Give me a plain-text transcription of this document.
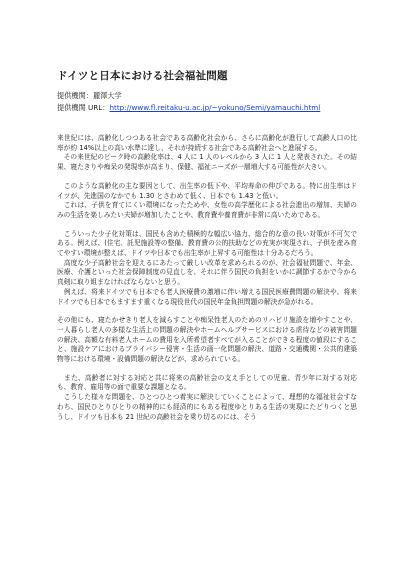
ドイツと日本における社会福祉問題
提供機関：麗澤大学
提供機関 URL：http://www.fl.reitaku-u.ac.jp/~yokuno/Semi/yamauchi.html

来世紀には、高齢化しつつある社会である高齢化社会から、さらに高齢化が進行して高齢人口の比率が約 14%以上の高い水準に達し、それが持続する社会である高齢社会へと進展する。

　その来世紀のピーク時の高齢化率は、4 人に 1 人のレベルから 3 人に 1 人と発表された。その結果、寝たきりや痴呆の発現率が高まり、保健、福祉ニーズが一層増大する可能性が大きい。

　このような高齢化の主な要因として、出生率の低下や、平均寿命の伸びである。特に出生率はドイツが、先進国のなかでも 1.30 とさわめて低く、日本でも 1.43 と低い。

　これは、子供を育てにくい環境になったためや、女性の高学歴化による社会進出の増加、夫婦のみの生活を楽しみたい夫婦が増加したことや、教育費や養育費が非常に高いためである。

　こういった少子化対策は、国民も含めた積極的な幅広い協力、総合的な意の長い対策が不可欠である。例えば、(住宅、託児施設等の整備、教育費の公的扶助などの充実が実現され、子供を産み育てやすい環境が整えば、ドイツや日本でも出生率が上昇する可能性は十分あるだろう。

　高度な少子高齢社会を迎えるにあたって厳しい改革を求められるのが、社会福祉問題で、年金、医療、介護といった社会保障制度の見直しを、それに伴う国民の負担をいかに調節するかで今から真剣に取り組まなければならないと思う。

　例えば、将来ドイツでも日本でも老人医療費の激増に伴い増える国民医療費問題の解決や、将来ドイツでも日本でもますます重くなる現役世代の国民年金負担問題の解決が急がれる。

その他にも、寝たかせきり老人を減らすことや痴呆性老人のためのリハビリ施設を増やすことや、一人暮らし老人の多様な生活上の問題の解決やホームヘルプサービスにおける虐待などの被害問題の解決、高額な有料老人ホームの費用を入所希望者すべてが入ることができる程度の値段にすること、施設ケアにおけるプライバシー侵害・生活の画一化問題の解決、道路・交通機関・公共的建築物等における環境・設備問題の解決などが、求められている。

　また、高齢者に対する対応と共に将来の高齢社会の支え手としての児童、青少年に対する対応も、教育、雇用等の面で重要な課題となる。

　こうした様々な問題を、ひとつひとつ着実に解決していくことによって、理想的な福祉社会すなわち、国民ひとりひとりの精神的にも経済的にもある程度ゆとりある生活の実現にたどりつくと思うし、ドイツも日本も 21 世紀の高齢社会を乗り切るのには、そう
